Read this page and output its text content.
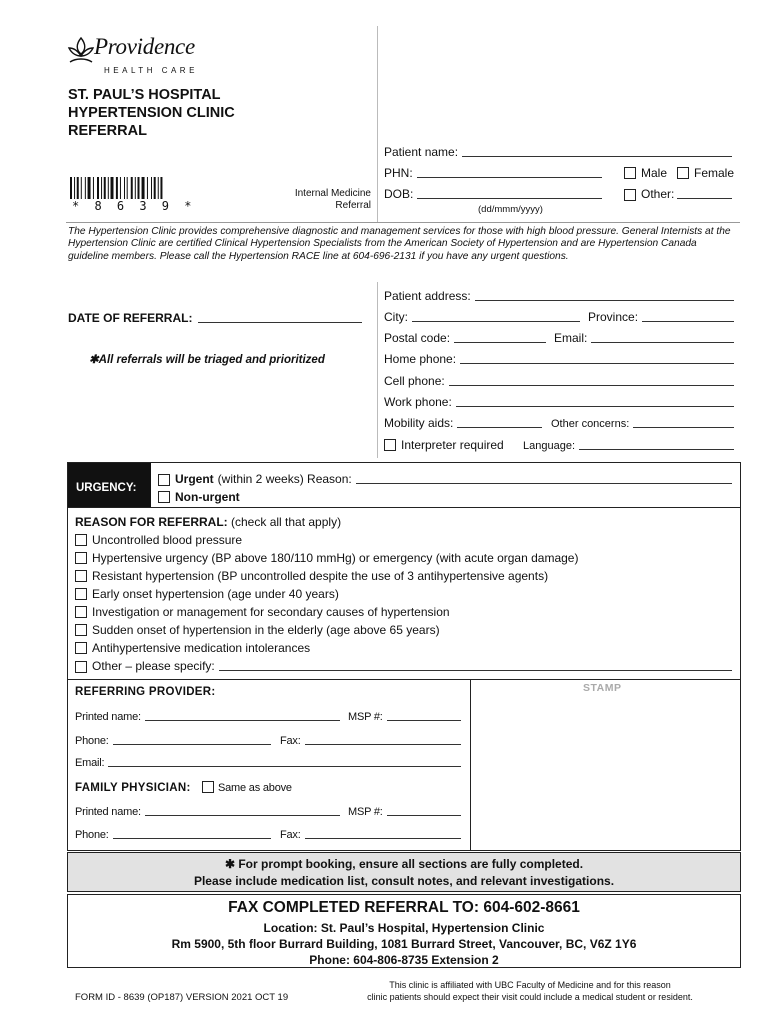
Providence
HEALTH CARE
ST. PAUL’S HOSPITAL
HYPERTENSION CLINIC
REFERRAL
* 8 6 3 9 *
Internal Medicine
Referral
Patient name:
PHN:	Male	Female
DOB:
(dd/mmm/yyyy)
Other:
The Hypertension Clinic provides comprehensive diagnostic and management services for those with high blood pressure. General Internists at the Hypertension Clinic are certified Clinical Hypertension Specialists from the American Society of Hypertension and are Hypertension Canada guideline members. Please call the Hypertension RACE line at 604-696-2131 if you have any urgent questions.
DATE OF REFERRAL:
✱All referrals will be triaged and prioritized
Patient address:
City:	Province:
Postal code:	Email:
Home phone:
Cell phone:
Work phone:
Mobility aids:	Other concerns:
Interpreter required Language:
URGENCY:
Urgent (within 2 weeks) Reason:
Non-urgent
REASON FOR REFERRAL: (check all that apply)
Uncontrolled blood pressure
Hypertensive urgency (BP above 180/110 mmHg) or emergency (with acute organ damage)
Resistant hypertension (BP uncontrolled despite the use of 3 antihypertensive agents)
Early onset hypertension (age under 40 years)
Investigation or management for secondary causes of hypertension
Sudden onset of hypertension in the elderly (age above 65 years)
Antihypertensive medication intolerances
Other – please specify:
STAMP
REFERRING PROVIDER:
Printed name:	MSP #:
Phone:	Fax:
Email:
FAMILY PHYSICIAN: Same as above
Printed name:	MSP #:
Phone:	Fax:
✱ For prompt booking, ensure all sections are fully completed.
Please include medication list, consult notes, and relevant investigations.
FAX COMPLETED REFERRAL TO: 604-602-8661
Location: St. Paul’s Hospital, Hypertension Clinic
Rm 5900, 5th floor Burrard Building, 1081 Burrard Street, Vancouver, BC, V6Z 1Y6
Phone: 604-806-8735 Extension 2
FORM ID - 8639 (OP187) VERSION 2021 OCT 19
This clinic is affiliated with UBC Faculty of Medicine and for this reason
clinic patients should expect their visit could include a medical student or resident.
